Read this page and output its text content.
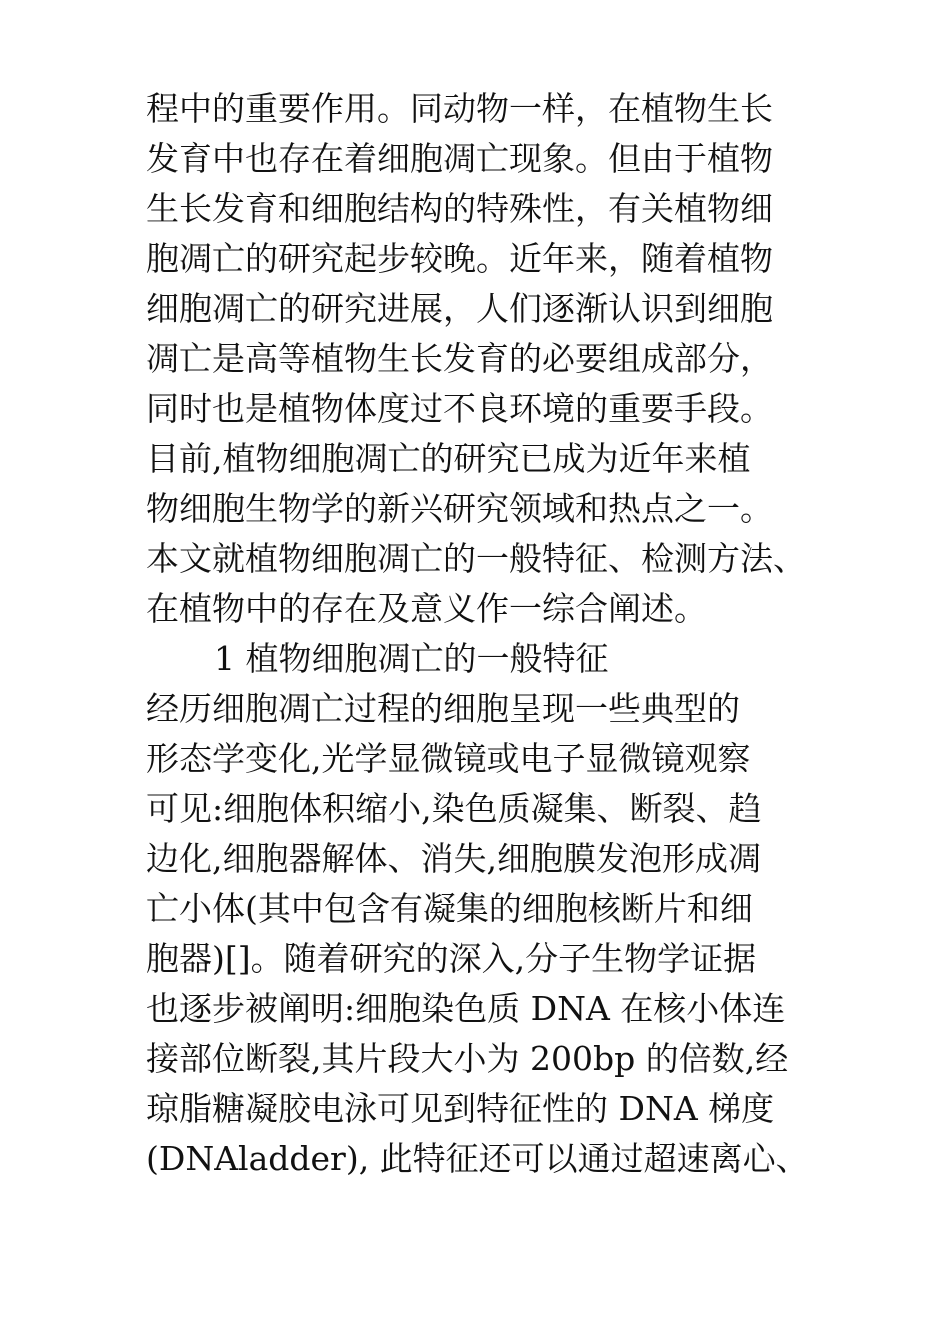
程中的重要作用。同动物一样，在植物生长
发育中也存在着细胞凋亡现象。但由于植物
生长发育和细胞结构的特殊性，有关植物细
胞凋亡的研究起步较晚。近年来，随着植物
细胞凋亡的研究进展，人们逐渐认识到细胞
凋亡是高等植物生长发育的必要组成部分，
同时也是植物体度过不良环境的重要手段。
目前,植物细胞凋亡的研究已成为近年来植
物细胞生物学的新兴研究领域和热点之一。
本文就植物细胞凋亡的一般特征、检测方法、
在植物中的存在及意义作一综合阐述。
1 植物细胞凋亡的一般特征
经历细胞凋亡过程的细胞呈现一些典型的
形态学变化,光学显微镜或电子显微镜观察
可见:细胞体积缩小,染色质凝集、断裂、趋
边化,细胞器解体、消失,细胞膜发泡形成凋
亡小体(其中包含有凝集的细胞核断片和细
胞器)[]。随着研究的深入,分子生物学证据
也逐步被阐明:细胞染色质 DNA 在核小体连
接部位断裂,其片段大小为 200bp 的倍数,经
琼脂糖凝胶电泳可见到特征性的 DNA 梯度
(DNAladder), 此特征还可以通过超速离心、
